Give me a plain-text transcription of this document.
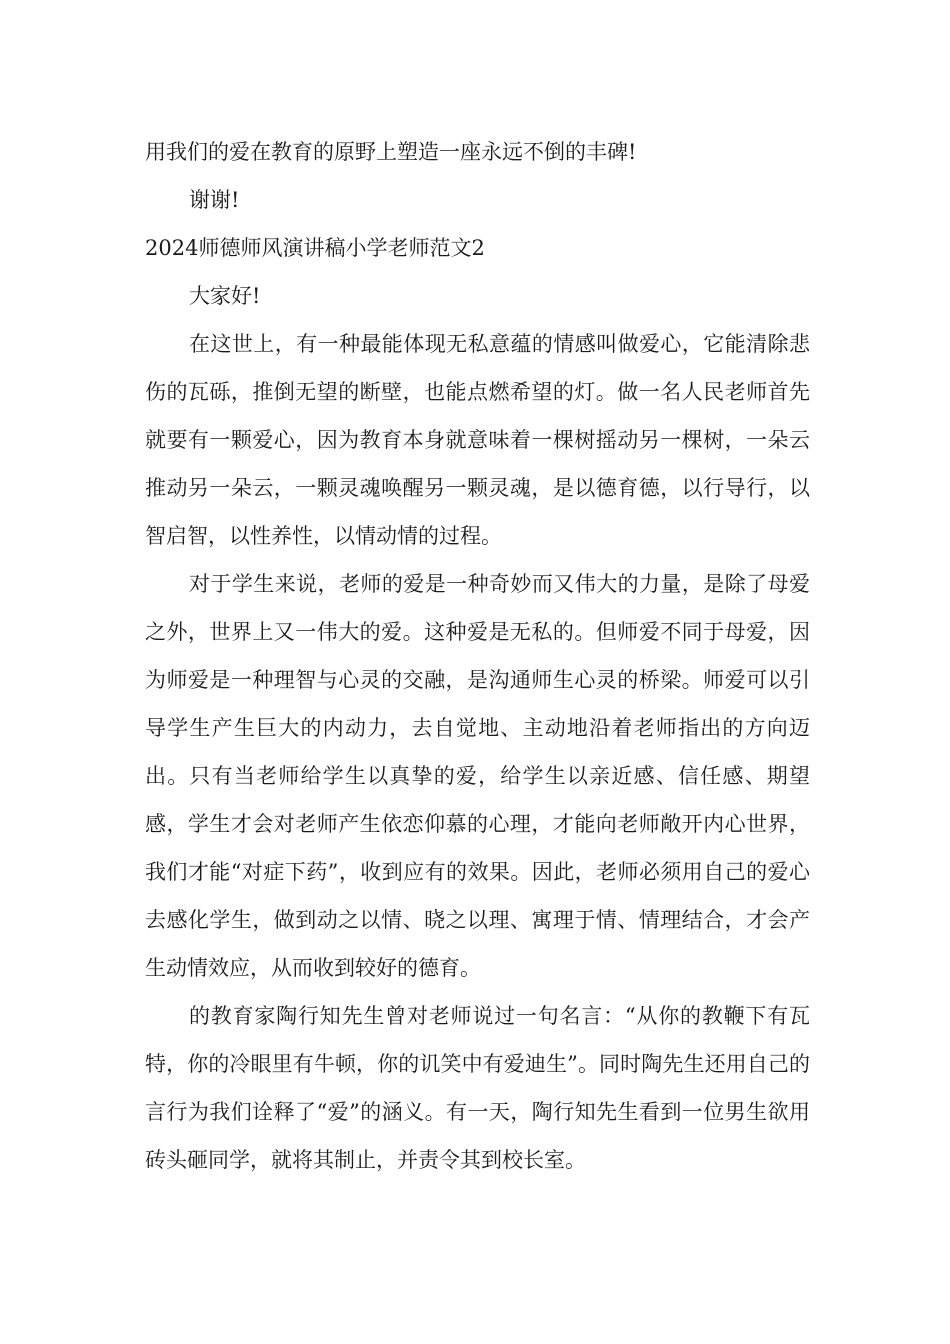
用我们的爱在教育的原野上塑造一座永远不倒的丰碑!

谢谢!

2024师德师风演讲稿小学老师范文2

大家好!

在这世上，有一种最能体现无私意蕴的情感叫做爱心，它能清除悲伤的瓦砾，推倒无望的断壁，也能点燃希望的灯。做一名人民老师首先就要有一颗爱心，因为教育本身就意味着一棵树摇动另一棵树，一朵云推动另一朵云，一颗灵魂唤醒另一颗灵魂，是以德育德，以行导行，以智启智，以性养性，以情动情的过程。

对于学生来说，老师的爱是一种奇妙而又伟大的力量，是除了母爱之外，世界上又一伟大的爱。这种爱是无私的。但师爱不同于母爱，因为师爱是一种理智与心灵的交融，是沟通师生心灵的桥梁。师爱可以引导学生产生巨大的内动力，去自觉地、主动地沿着老师指出的方向迈出。只有当老师给学生以真挚的爱，给学生以亲近感、信任感、期望感，学生才会对老师产生依恋仰慕的心理，才能向老师敞开内心世界，我们才能“对症下药”，收到应有的效果。因此，老师必须用自己的爱心去感化学生，做到动之以情、晓之以理、寓理于情、情理结合，才会产生动情效应，从而收到较好的德育。

的教育家陶行知先生曾对老师说过一句名言：“从你的教鞭下有瓦特，你的冷眼里有牛顿，你的讥笑中有爱迪生”。同时陶先生还用自己的言行为我们诠释了“爱”的涵义。有一天，陶行知先生看到一位男生欲用砖头砸同学，就将其制止，并责令其到校长室。
